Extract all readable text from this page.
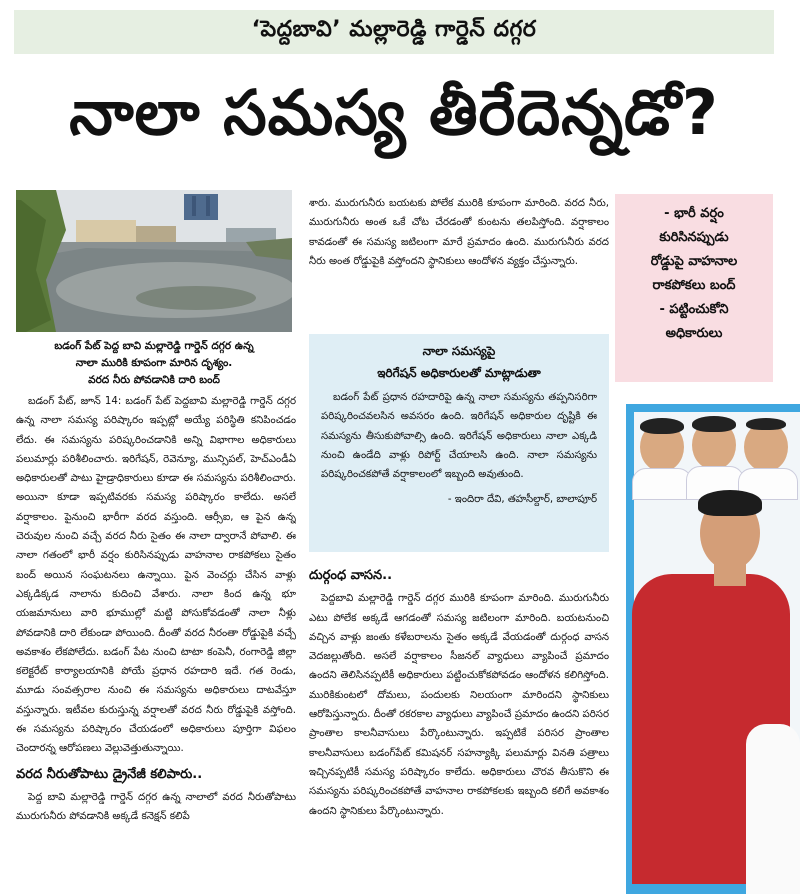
‘పెద్దబావి’ మల్లారెడ్డి గార్డెన్ దగ్గర
నాలా సమస్య తీరేదెన్నడో?
బడంగ్ పేట్ పెద్ద బావి మల్లారెడ్డి గార్డెన్ దగ్గర ఉన్న
నాలా మురికి కూపంగా మారిన దృశ్యం.
వరద నీరు పోవడానికి దారి బంద్

బడంగ్ పేట్, జూన్ 14: బడంగ్ పేట్ పెద్దబావి మల్లారెడ్డి గార్డెన్ దగ్గర ఉన్న నాలా సమస్య పరిష్కారం ఇప్పట్లో అయ్యే పరిస్థితి కనిపించడం లేదు. ఈ సమస్యను పరిష్కరించడానికి అన్ని విభాగాల అధికారులు పలుమార్లు పరిశీలించారు. ఇరిగేషన్, రెవెన్యూ, మున్సిపల్, హెచ్ఎండీఏ అధికారులతో పాటు హైడ్రాధికారులు కూడా ఈ సమస్యను పరిశీలించారు. అయినా కూడా ఇప్పటివరకు సమస్య పరిష్కారం కాలేదు. అసలే వర్షాకాలం. పైనుంచి భారీగా వరద వస్తుంది. ఆర్సీఐ, ఆ పైన ఉన్న చెరువుల నుంచి వచ్చే వరద నీరు సైతం ఈ నాలా ద్వారానే పోవాలి. ఈ నాలా గతంలో భారీ వర్షం కురిసినప్పుడు వాహనాల రాకపోకలు సైతం బంద్ అయిన సంఘటనలు ఉన్నాయి. పైన వెంచర్లు చేసిన వాళ్లు ఎక్కడిక్కడ నాలాను కుదించి వేశారు. నాలా కింద ఉన్న భూ యజమానులు వారి భూముల్లో మట్టి పోసుకోవడంతో నాలా నీళ్లు పోవడానికి దారి లేకుండా పోయింది. దీంతో వరద నీరంతా రోడ్డుపైకి వచ్చే అవకాశం లేకపోలేదు. బడంగ్ పేట నుంచి టాటా కంపెనీ, రంగారెడ్డి జిల్లా కలెక్టరేట్ కార్యాలయానికి పోయే ప్రధాన రహదారి ఇదే. గత రెండు, మూడు సంవత్సరాల నుంచి ఈ సమస్యను అధికారులు దాటవేస్తూ వస్తున్నారు. ఇటీవల కురుస్తున్న వర్షాలతో వరద నీరు రోడ్డుపైకి వస్తోంది. ఈ సమస్యను పరిష్కారం చేయడంలో అధికారులు పూర్తిగా విఫలం చెందారన్న ఆరోపణలు వెల్లువెత్తుతున్నాయి.

వరద నీరుతోపాటు డ్రైనేజీ కలిపారు..

పెద్ద బావి మల్లారెడ్డి గార్డెన్ దగ్గర ఉన్న నాలాలో వరద నీరుతోపాటు మురుగునీరు పోవడానికి అక్కడే కనెక్షన్ కలిపే

శారు. మురుగునీరు బయటకు పోలేక మురికి కూపంగా మారింది. వరద నీరు, మురుగునీరు అంత ఒకే చోట చేరడంతో కుంటను తలపిస్తోంది. వర్షాకాలం కావడంతో ఈ సమస్య జటిలంగా మారే ప్రమాదం ఉంది. మురుగునీరు వరద నీరు అంత రోడ్డుపైకి వస్తోందని స్థానికులు ఆందోళన వ్యక్తం చేస్తున్నారు.

నాలా సమస్యపై
ఇరిగేషన్ అధికారులతో మాట్లాడుతా
బడంగ్ పేట్ ప్రధాన రహదారిపై ఉన్న నాలా సమస్యను తప్పనిసరిగా పరిష్కరించవలసిన అవసరం ఉంది. ఇరిగేషన్ అధికారుల దృష్టికి ఈ సమస్యను తీసుకుపోవాల్సి ఉంది. ఇరిగేషన్ అధికారులు నాలా ఎక్కడి నుంచి ఉండేది వాళ్లు రిపోర్ట్ చేయాలసి ఉంది. నాలా సమస్యను పరిష్కరించకపోతే వర్షాకాలంలో ఇబ్బంది అవుతుంది.
- ఇందిరా దేవి, తహసీల్దార్, బాలాపూర్
దుర్గంధ వాసన..

పెద్దబావి మల్లారెడ్డి గార్డెన్ దగ్గర మురికి కూపంగా మారింది. మురుగునీరు ఎటు పోలేక అక్కడే ఆగడంతో సమస్య జటిలంగా మారింది. బయటనుంచి వచ్చిన వాళ్లు జంతు కళేబరాలను సైతం అక్కడే వేయడంతో దుర్గంధ వాసన వెదజల్లుతోంది. అసలే వర్షాకాలం సీజనల్ వ్యాధులు వ్యాపించే ప్రమాదం ఉందని తెలిసినప్పటికీ అధికారులు పట్టించుకోకపోవడం ఆందోళన కలిగిస్తోంది. మురికికుంటలో దోమలు, పందులకు నిలయంగా మారిందని స్థానికులు ఆరోపిస్తున్నారు. దీంతో రకరకాల వ్యాధులు వ్యాపించే ప్రమాదం ఉందని పరిసర ప్రాంతాల కాలనీవాసులు పేర్కొంటున్నారు. ఇప్పటికే పరిసర ప్రాంతాల కాలనీవాసులు బడంగ్‌పేట్ కమిషనర్ సహన్యాక్కి పలుమార్లు వినతి పత్రాలు ఇచ్చినప్పటికీ సమస్య పరిష్కారం కాలేదు. అధికారులు చొరవ తీసుకొని ఈ సమస్యను పరిష్కరించకపోతే వాహనాల రాకపోకలకు ఇబ్బంది కలిగే అవకాశం ఉందని స్థానికులు పేర్కొంటున్నారు.

- భారీ వర్షం
కురిసినప్పుడు
రోడ్డుపై వాహనాల
రాకపోకలు బంద్
- పట్టించుకోని
అధికారులు
